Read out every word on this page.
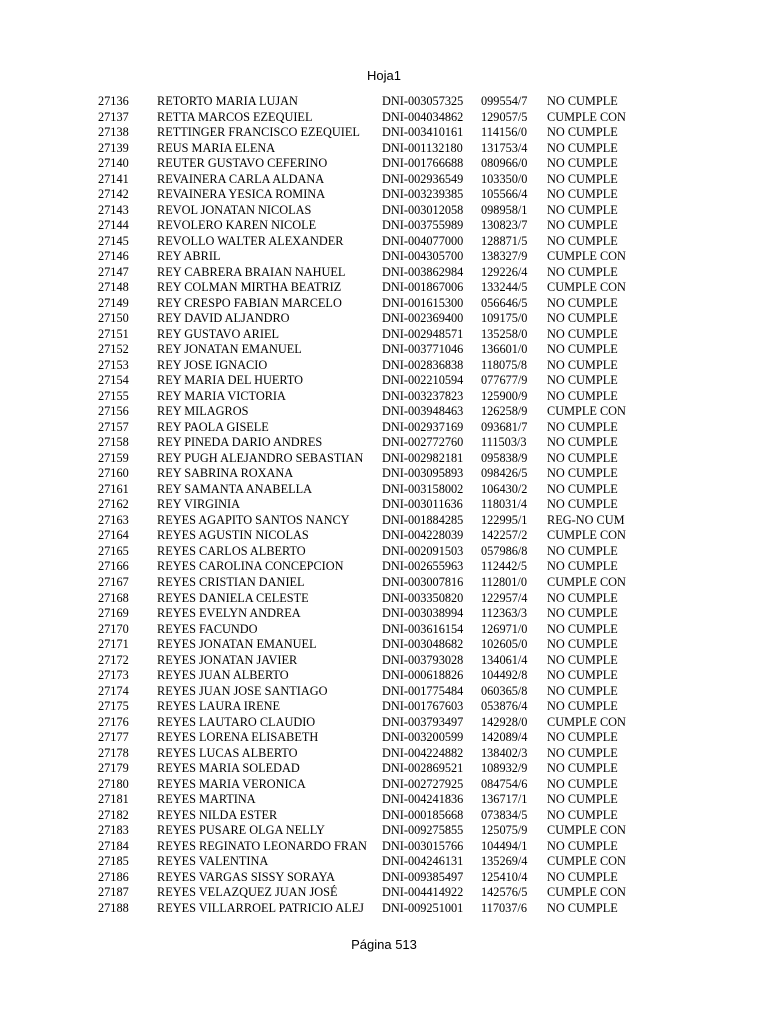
Hoja1
27136	RETORTO MARIA LUJAN	DNI-003057325 099554/7	NO CUMPLE
27137	RETTA MARCOS EZEQUIEL	DNI-004034862 129057/5	CUMPLE CON
27138	RETTINGER FRANCISCO EZEQUIEL	DNI-003410161 114156/0	NO CUMPLE
27139	REUS MARIA ELENA	DNI-001132180 131753/4	NO CUMPLE
27140	REUTER GUSTAVO CEFERINO	DNI-001766688 080966/0	NO CUMPLE
27141	REVAINERA CARLA ALDANA	DNI-002936549 103350/0	NO CUMPLE
27142	REVAINERA YESICA ROMINA	DNI-003239385 105566/4	NO CUMPLE
27143	REVOL JONATAN NICOLAS	DNI-003012058 098958/1	NO CUMPLE
27144	REVOLERO KAREN NICOLE	DNI-003755989 130823/7	NO CUMPLE
27145	REVOLLO WALTER ALEXANDER	DNI-004077000 128871/5	NO CUMPLE
27146	REY ABRIL	DNI-004305700 138327/9	CUMPLE CON
27147	REY CABRERA BRAIAN NAHUEL	DNI-003862984 129226/4	NO CUMPLE
27148	REY COLMAN MIRTHA BEATRIZ	DNI-001867006 133244/5	CUMPLE CON
27149	REY CRESPO FABIAN MARCELO	DNI-001615300 056646/5	NO CUMPLE
27150	REY DAVID ALJANDRO	DNI-002369400 109175/0	NO CUMPLE
27151	REY GUSTAVO ARIEL	DNI-002948571 135258/0	NO CUMPLE
27152	REY JONATAN EMANUEL	DNI-003771046 136601/0	NO CUMPLE
27153	REY JOSE IGNACIO	DNI-002836838 118075/8	NO CUMPLE
27154	REY MARIA DEL HUERTO	DNI-002210594 077677/9	NO CUMPLE
27155	REY MARIA VICTORIA	DNI-003237823 125900/9	NO CUMPLE
27156	REY MILAGROS	DNI-003948463 126258/9	CUMPLE CON
27157	REY PAOLA GISELE	DNI-002937169 093681/7	NO CUMPLE
27158	REY PINEDA DARIO ANDRES	DNI-002772760 111503/3	NO CUMPLE
27159	REY PUGH ALEJANDRO SEBASTIAN	DNI-002982181 095838/9	NO CUMPLE
27160	REY SABRINA ROXANA	DNI-003095893 098426/5	NO CUMPLE
27161	REY SAMANTA ANABELLA	DNI-003158002 106430/2	NO CUMPLE
27162	REY VIRGINIA	DNI-003011636 118031/4	NO CUMPLE
27163	REYES AGAPITO SANTOS NANCY	DNI-001884285 122995/1	REG-NO CUM
27164	REYES AGUSTIN NICOLAS	DNI-004228039 142257/2	CUMPLE CON
27165	REYES CARLOS ALBERTO	DNI-002091503 057986/8	NO CUMPLE
27166	REYES CAROLINA CONCEPCION	DNI-002655963 112442/5	NO CUMPLE
27167	REYES CRISTIAN DANIEL	DNI-003007816 112801/0	CUMPLE CON
27168	REYES DANIELA CELESTE	DNI-003350820 122957/4	NO CUMPLE
27169	REYES EVELYN ANDREA	DNI-003038994 112363/3	NO CUMPLE
27170	REYES FACUNDO	DNI-003616154 126971/0	NO CUMPLE
27171	REYES JONATAN EMANUEL	DNI-003048682 102605/0	NO CUMPLE
27172	REYES JONATAN JAVIER	DNI-003793028 134061/4	NO CUMPLE
27173	REYES JUAN ALBERTO	DNI-000618826 104492/8	NO CUMPLE
27174	REYES JUAN JOSE SANTIAGO	DNI-001775484 060365/8	NO CUMPLE
27175	REYES LAURA IRENE	DNI-001767603 053876/4	NO CUMPLE
27176	REYES LAUTARO CLAUDIO	DNI-003793497 142928/0	CUMPLE CON
27177	REYES LORENA ELISABETH	DNI-003200599 142089/4	NO CUMPLE
27178	REYES LUCAS ALBERTO	DNI-004224882 138402/3	NO CUMPLE
27179	REYES MARIA SOLEDAD	DNI-002869521 108932/9	NO CUMPLE
27180	REYES MARIA VERONICA	DNI-002727925 084754/6	NO CUMPLE
27181	REYES MARTINA	DNI-004241836 136717/1	NO CUMPLE
27182	REYES NILDA ESTER	DNI-000185668 073834/5	NO CUMPLE
27183	REYES PUSARE OLGA NELLY	DNI-009275855 125075/9	CUMPLE CON
27184	REYES REGINATO LEONARDO FRAN	DNI-003015766 104494/1	NO CUMPLE
27185	REYES VALENTINA	DNI-004246131 135269/4	CUMPLE CON
27186	REYES VARGAS SISSY SORAYA	DNI-009385497 125410/4	NO CUMPLE
27187	REYES VELAZQUEZ JUAN JOSÉ	DNI-004414922 142576/5	CUMPLE CON
27188	REYES VILLARROEL PATRICIO ALEJ	DNI-009251001 117037/6	NO CUMPLE
Página 513
